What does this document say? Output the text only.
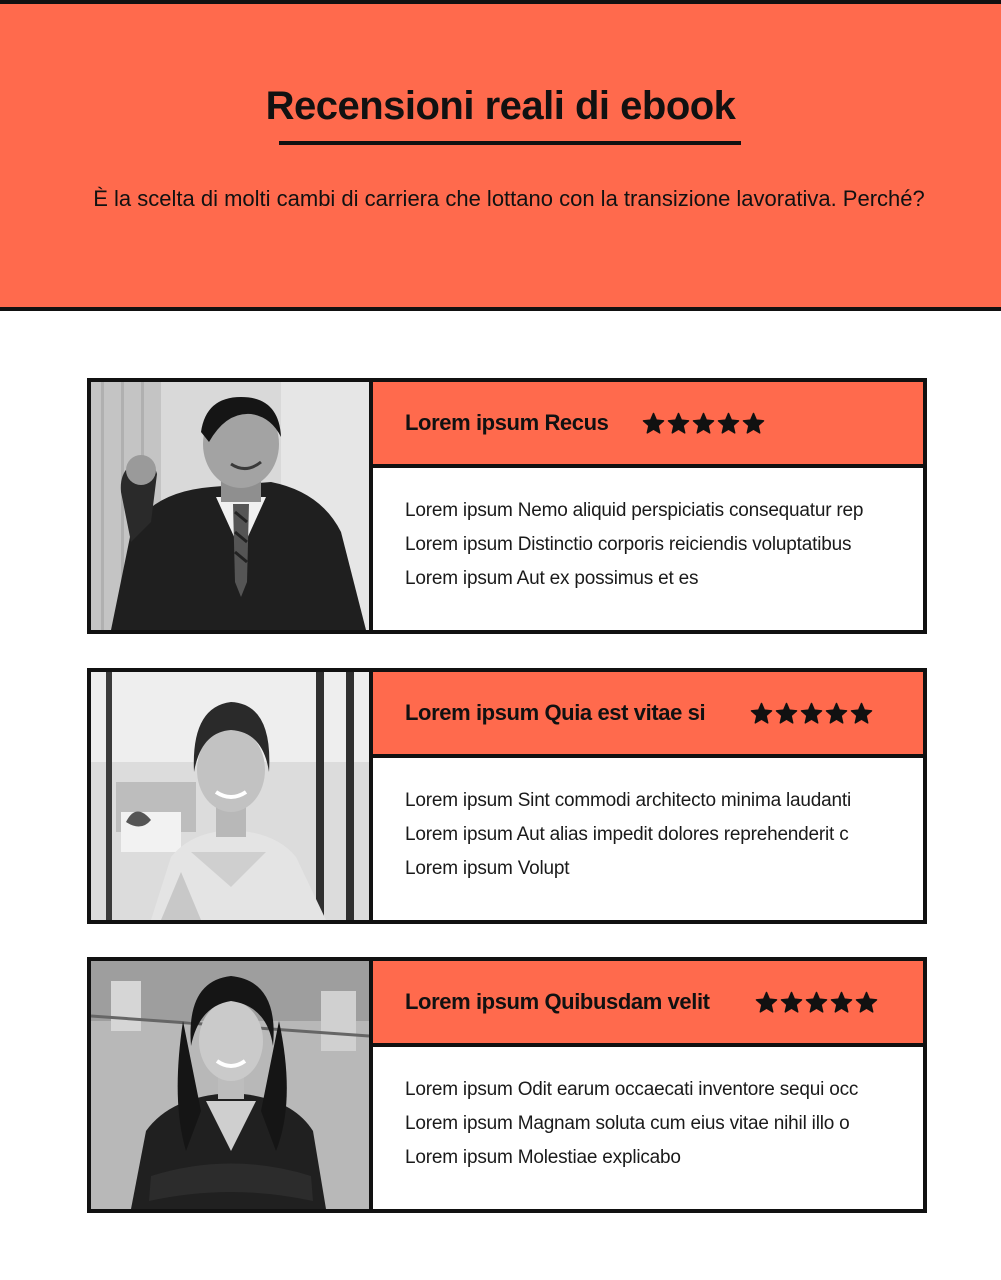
Recensioni reali di ebook

È la scelta di molti cambi di carriera che lottano con la transizione lavorativa. Perché?

Lorem ipsum Recus
Lorem ipsum Nemo aliquid perspiciatis consequatur rep
Lorem ipsum Distinctio corporis reiciendis voluptatibus
Lorem ipsum Aut ex possimus et es
Lorem ipsum Quia est vitae si
Lorem ipsum Sint commodi architecto minima laudanti
Lorem ipsum Aut alias impedit dolores reprehenderit c
Lorem ipsum Volupt
Lorem ipsum Quibusdam velit
Lorem ipsum Odit earum occaecati inventore sequi occ
Lorem ipsum Magnam soluta cum eius vitae nihil illo o
Lorem ipsum Molestiae explicabo
